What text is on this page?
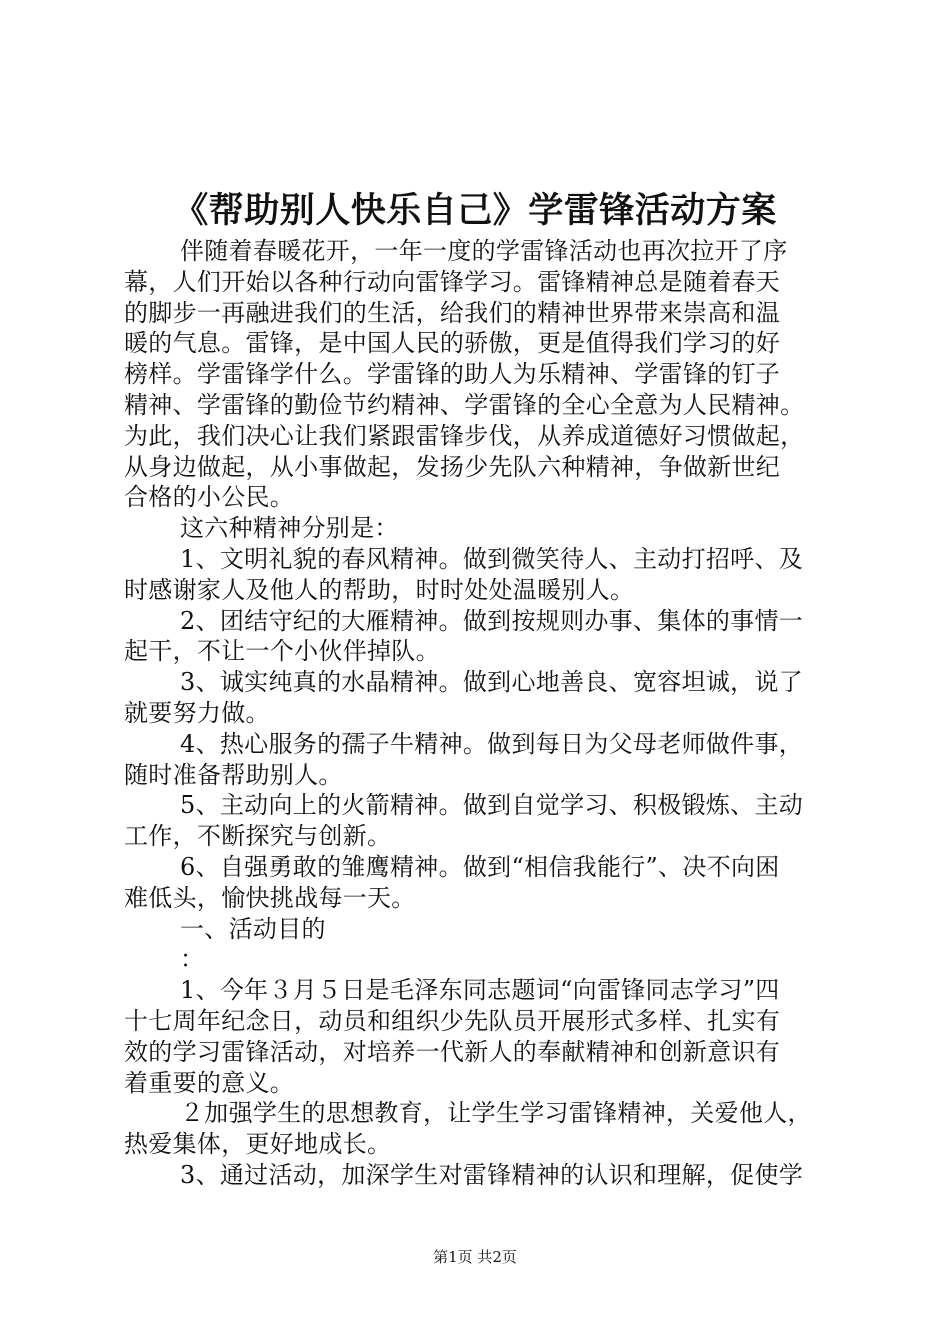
《帮助别人快乐自己》学雷锋活动方案
伴随着春暖花开，一年一度的学雷锋活动也再次拉开了序
幕，人们开始以各种行动向雷锋学习。雷锋精神总是随着春天
的脚步一再融进我们的生活，给我们的精神世界带来崇高和温
暖的气息。雷锋，是中国人民的骄傲，更是值得我们学习的好
榜样。学雷锋学什么。学雷锋的助人为乐精神、学雷锋的钉子
精神、学雷锋的勤俭节约精神、学雷锋的全心全意为人民精神。
为此，我们决心让我们紧跟雷锋步伐，从养成道德好习惯做起，
从身边做起，从小事做起，发扬少先队六种精神，争做新世纪
合格的小公民。
这六种精神分别是：
1、文明礼貌的春风精神。做到微笑待人、主动打招呼、及
时感谢家人及他人的帮助，时时处处温暖别人。
2、团结守纪的大雁精神。做到按规则办事、集体的事情一
起干，不让一个小伙伴掉队。
3、诚实纯真的水晶精神。做到心地善良、宽容坦诚，说了
就要努力做。
4、热心服务的孺子牛精神。做到每日为父母老师做件事，
随时准备帮助别人。
5、主动向上的火箭精神。做到自觉学习、积极锻炼、主动
工作，不断探究与创新。
6、自强勇敢的雏鹰精神。做到“相信我能行”、决不向困
难低头，愉快挑战每一天。
一、活动目的
：
1、今年３月５日是毛泽东同志题词“向雷锋同志学习”四
十七周年纪念日，动员和组织少先队员开展形式多样、扎实有
效的学习雷锋活动，对培养一代新人的奉献精神和创新意识有
着重要的意义。
２加强学生的思想教育，让学生学习雷锋精神，关爱他人，
热爱集体，更好地成长。
3、通过活动，加深学生对雷锋精神的认识和理解，促使学
第1页 共2页
